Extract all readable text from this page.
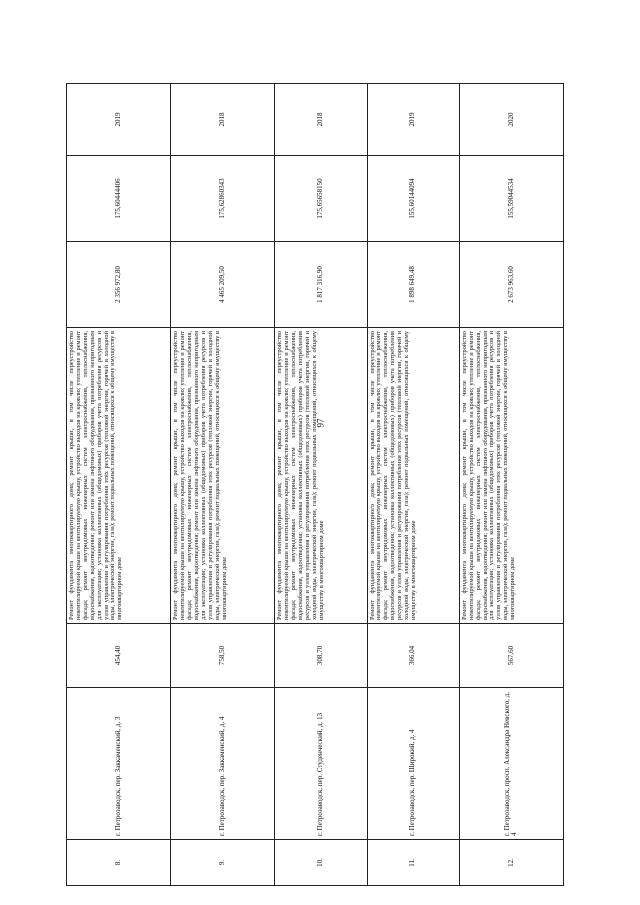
97
8.	г. Петрозаводск, пер. Заккаменский, д. 3	454,40	Ремонт фундамента многоквартирного дома; ремонт крыши, в том числе переустройство невентилируемой крыши на вентилируемую крышу, устройство выходов на кровлю; утепление и ремонт фасада; ремонт внутридомовых инженерных систем электроснабжения, теплоснабжения, водоснабжения, водоотведения; ремонт или замена лифтового оборудования, признанного непригодным для эксплуатации; установка коллективных (общедомовых) приборов учета потребления ресурсов и узлов управления и регулирования потребления этих ресурсов (тепловой энергии, горячей и холодной воды, электрической энергии, газа); ремонт подвальных помещений, относящихся к общему имуществу в многоквартирном доме	2 356 972,80	175,60444406	2019
9.	г. Петрозаводск, пер. Заккаменский, д. 4	758,50	Ремонт фундамента многоквартирного дома; ремонт крыши, в том числе переустройство невентилируемой крыши на вентилируемую крышу, устройство выходов на кровлю; утепление и ремонт фасада; ремонт внутридомовых инженерных систем электроснабжения, теплоснабжения, водоснабжения, водоотведения; ремонт или замена лифтового оборудования, признанного непригодным для эксплуатации; установка коллективных (общедомовых) приборов учета потребления ресурсов и узлов управления и регулирования потребления этих ресурсов (тепловой энергии, горячей и холодной воды, электрической энергии, газа); ремонт подвальных помещений, относящихся к общему имуществу в многоквартирном доме	4 465 209,50	175,62860343	2018
10.	г. Петрозаводск, пер. Студенческий, д. 13	308,70	Ремонт фундамента многоквартирного дома; ремонт крыши, в том числе переустройство невентилируемой крыши на вентилируемую крышу, устройство выходов на кровлю; утепление и ремонт фасада; ремонт внутридомовых инженерных систем электроснабжения, теплоснабжения, водоснабжения, водоотведения; установка коллективных (общедомовых) приборов учета потребления ресурсов и узлов управления и регулирования потребления этих ресурсов (тепловой энергии, горячей и холодной воды, электрической энергии, газа); ремонт подвальных помещений, относящихся к общему имуществу в многоквартирном доме	1 817 316,90	175,65658150	2018
11.	г. Петрозаводск, пер. Широкий, д. 4	366,04	Ремонт фундамента многоквартирного дома; ремонт крыши, в том числе переустройство невентилируемой крыши на вентилируемую крышу, устройство выходов на кровлю; утепление и ремонт фасада; ремонт внутридомовых инженерных систем электроснабжения, теплоснабжения, водоснабжения, водоотведения; установка коллективных (общедомовых) приборов учета потребления ресурсов и узлов управления и регулирования потребления этих ресурсов (тепловой энергии, горячей и холодной воды, электрической энергии, газа); ремонт подвальных помещений, относящихся к общему имуществу в многоквартирном доме	1 898 649,48	155,60144094	2019
12.	г. Петрозаводск, просп. Александра Невского, д. 4	567,60	Ремонт фундамента многоквартирного дома; ремонт крыши, в том числе переустройство невентилируемой крыши на вентилируемую крышу, устройство выходов на кровлю; утепление и ремонт фасада; ремонт внутридомовых инженерных систем электроснабжения, теплоснабжения, водоснабжения, водоотведения; ремонт или замена лифтового оборудования, признанного непригодным для эксплуатации; установка коллективных (общедомовых) приборов учета потребления ресурсов и узлов управления и регулирования потребления этих ресурсов (тепловой энергии, горячей и холодной воды, электрической энергии, газа); ремонт подвальных помещений, относящихся к общему имуществу в многоквартирном доме	2 673 963,60	155,59044534	2020
